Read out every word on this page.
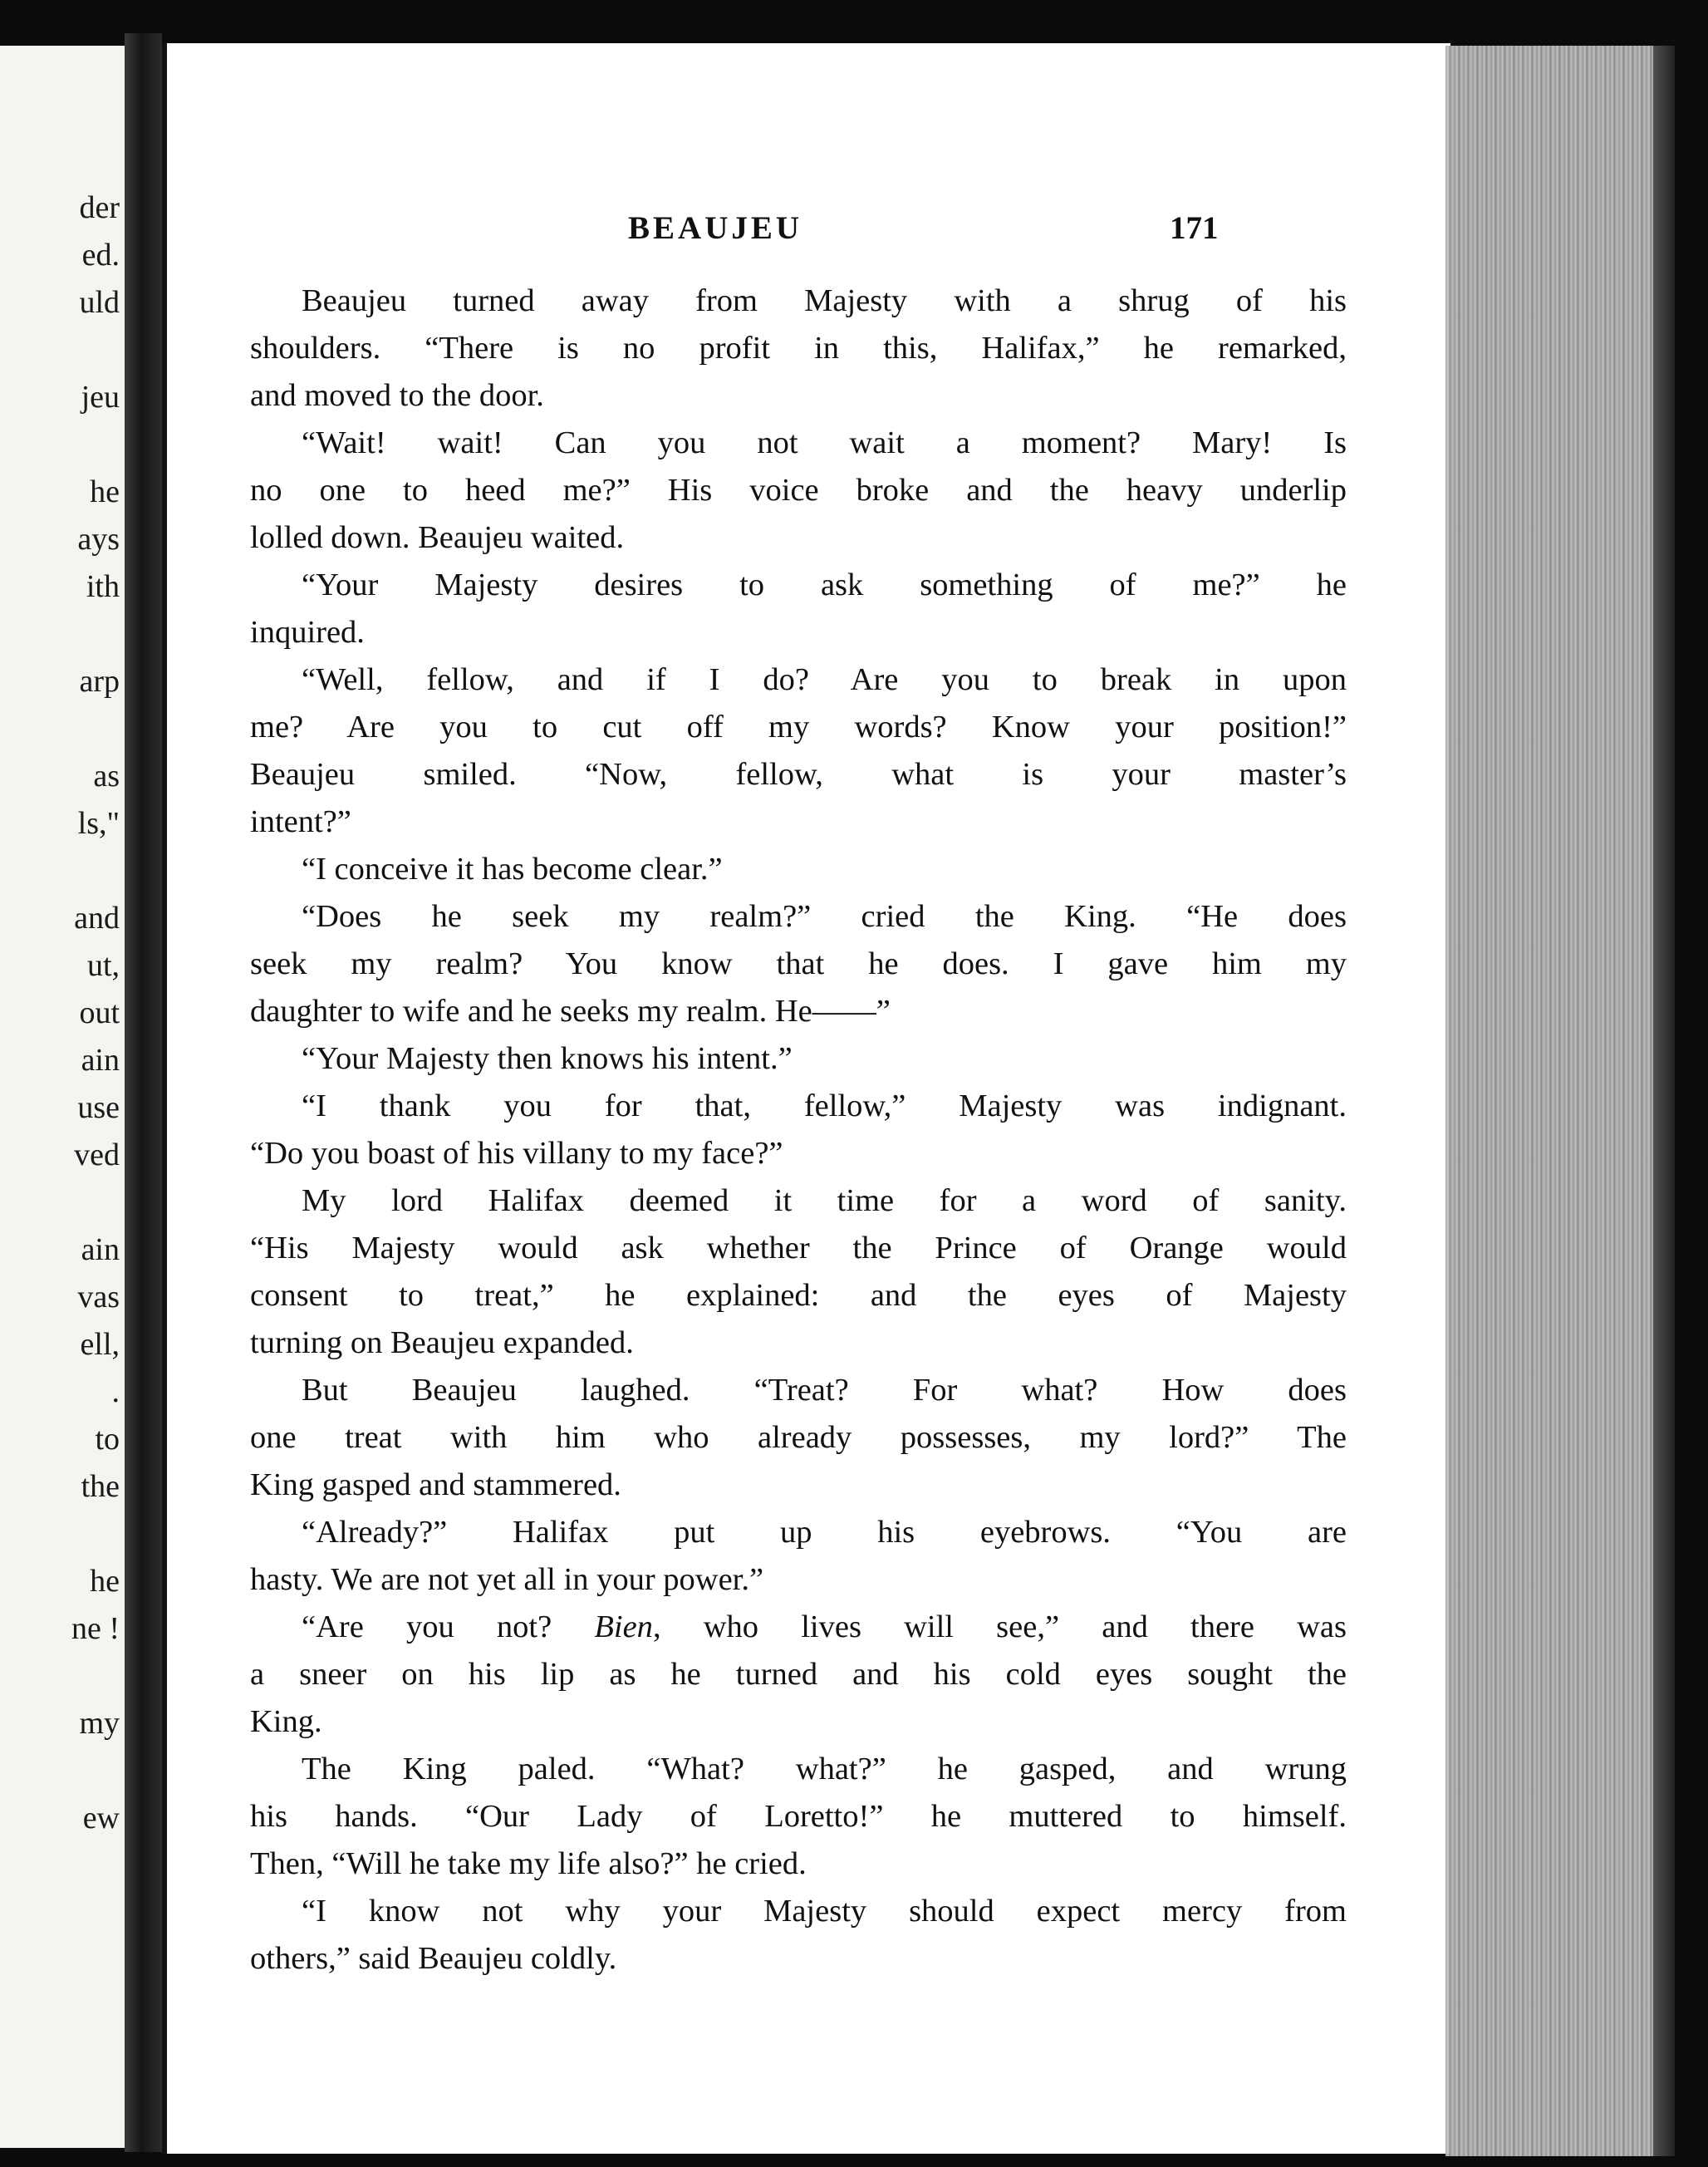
der
ed.
uld
jeu
he
ays
ith
arp
as
ls,"
and
ut,
out
ain
use
ved
ain
vas
ell,
.
to
the
he
ne !
my
ew
BEAUJEU	171
Beaujeu turned away from Majesty with a shrug of his
shoulders. “There is no profit in this, Halifax,” he remarked,
and moved to the door.
“Wait! wait! Can you not wait a moment? Mary! Is
no one to heed me?” His voice broke and the heavy underlip
lolled down. Beaujeu waited.
“Your Majesty desires to ask something of me?” he
inquired.
“Well, fellow, and if I do? Are you to break in upon
me? Are you to cut off my words? Know your position!”
Beaujeu smiled. “Now, fellow, what is your master’s
intent?”
“I conceive it has become clear.”
“Does he seek my realm?” cried the King. “He does
seek my realm? You know that he does. I gave him my
daughter to wife and he seeks my realm. He——”
“Your Majesty then knows his intent.”
“I thank you for that, fellow,” Majesty was indignant.
“Do you boast of his villany to my face?”
My lord Halifax deemed it time for a word of sanity.
“His Majesty would ask whether the Prince of Orange would
consent to treat,” he explained: and the eyes of Majesty
turning on Beaujeu expanded.
But Beaujeu laughed. “Treat? For what? How does
one treat with him who already possesses, my lord?” The
King gasped and stammered.
“Already?” Halifax put up his eyebrows. “You are
hasty. We are not yet all in your power.”
“Are you not? Bien, who lives will see,” and there was
a sneer on his lip as he turned and his cold eyes sought the
King.
The King paled. “What? what?” he gasped, and wrung
his hands. “Our Lady of Loretto!” he muttered to himself.
Then, “Will he take my life also?” he cried.
“I know not why your Majesty should expect mercy from
others,” said Beaujeu coldly.
